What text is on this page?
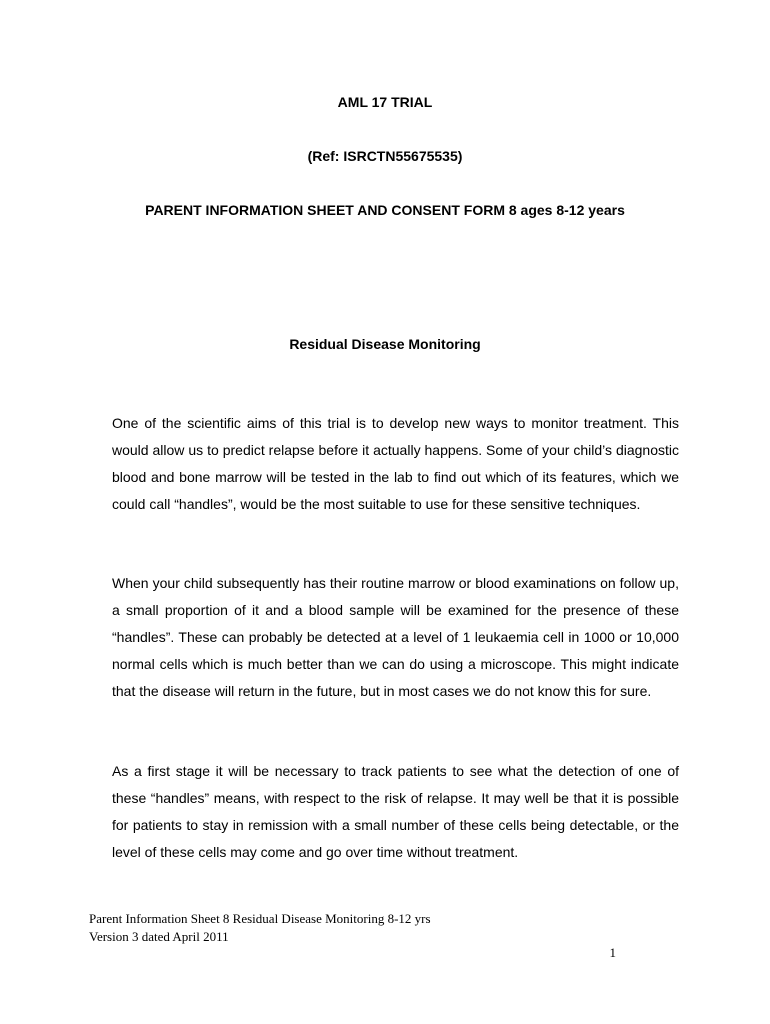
AML 17 TRIAL
(Ref: ISRCTN55675535)
PARENT INFORMATION SHEET AND CONSENT FORM 8 ages 8-12 years
Residual Disease Monitoring

One of the scientific aims of this trial is to develop new ways to monitor treatment. This would allow us to predict relapse before it actually happens. Some of your child’s diagnostic blood and bone marrow will be tested in the lab to find out which of its features, which we could call “handles”, would be the most suitable to use for these sensitive techniques.

When your child subsequently has their routine marrow or blood examinations on follow up, a small proportion of it and a blood sample will be examined for the presence of these “handles”. These can probably be detected at a level of 1 leukaemia cell in 1000 or 10,000 normal cells which is much better than we can do using a microscope. This might indicate that the disease will return in the future, but in most cases we do not know this for sure.

As a first stage it will be necessary to track patients to see what the detection of one of these “handles” means, with respect to the risk of relapse. It may well be that it is possible for patients to stay in remission with a small number of these cells being detectable, or the level of these cells may come and go over time without treatment.

Parent Information Sheet 8 Residual Disease Monitoring 8-12 yrs
Version 3 dated April 2011
1
